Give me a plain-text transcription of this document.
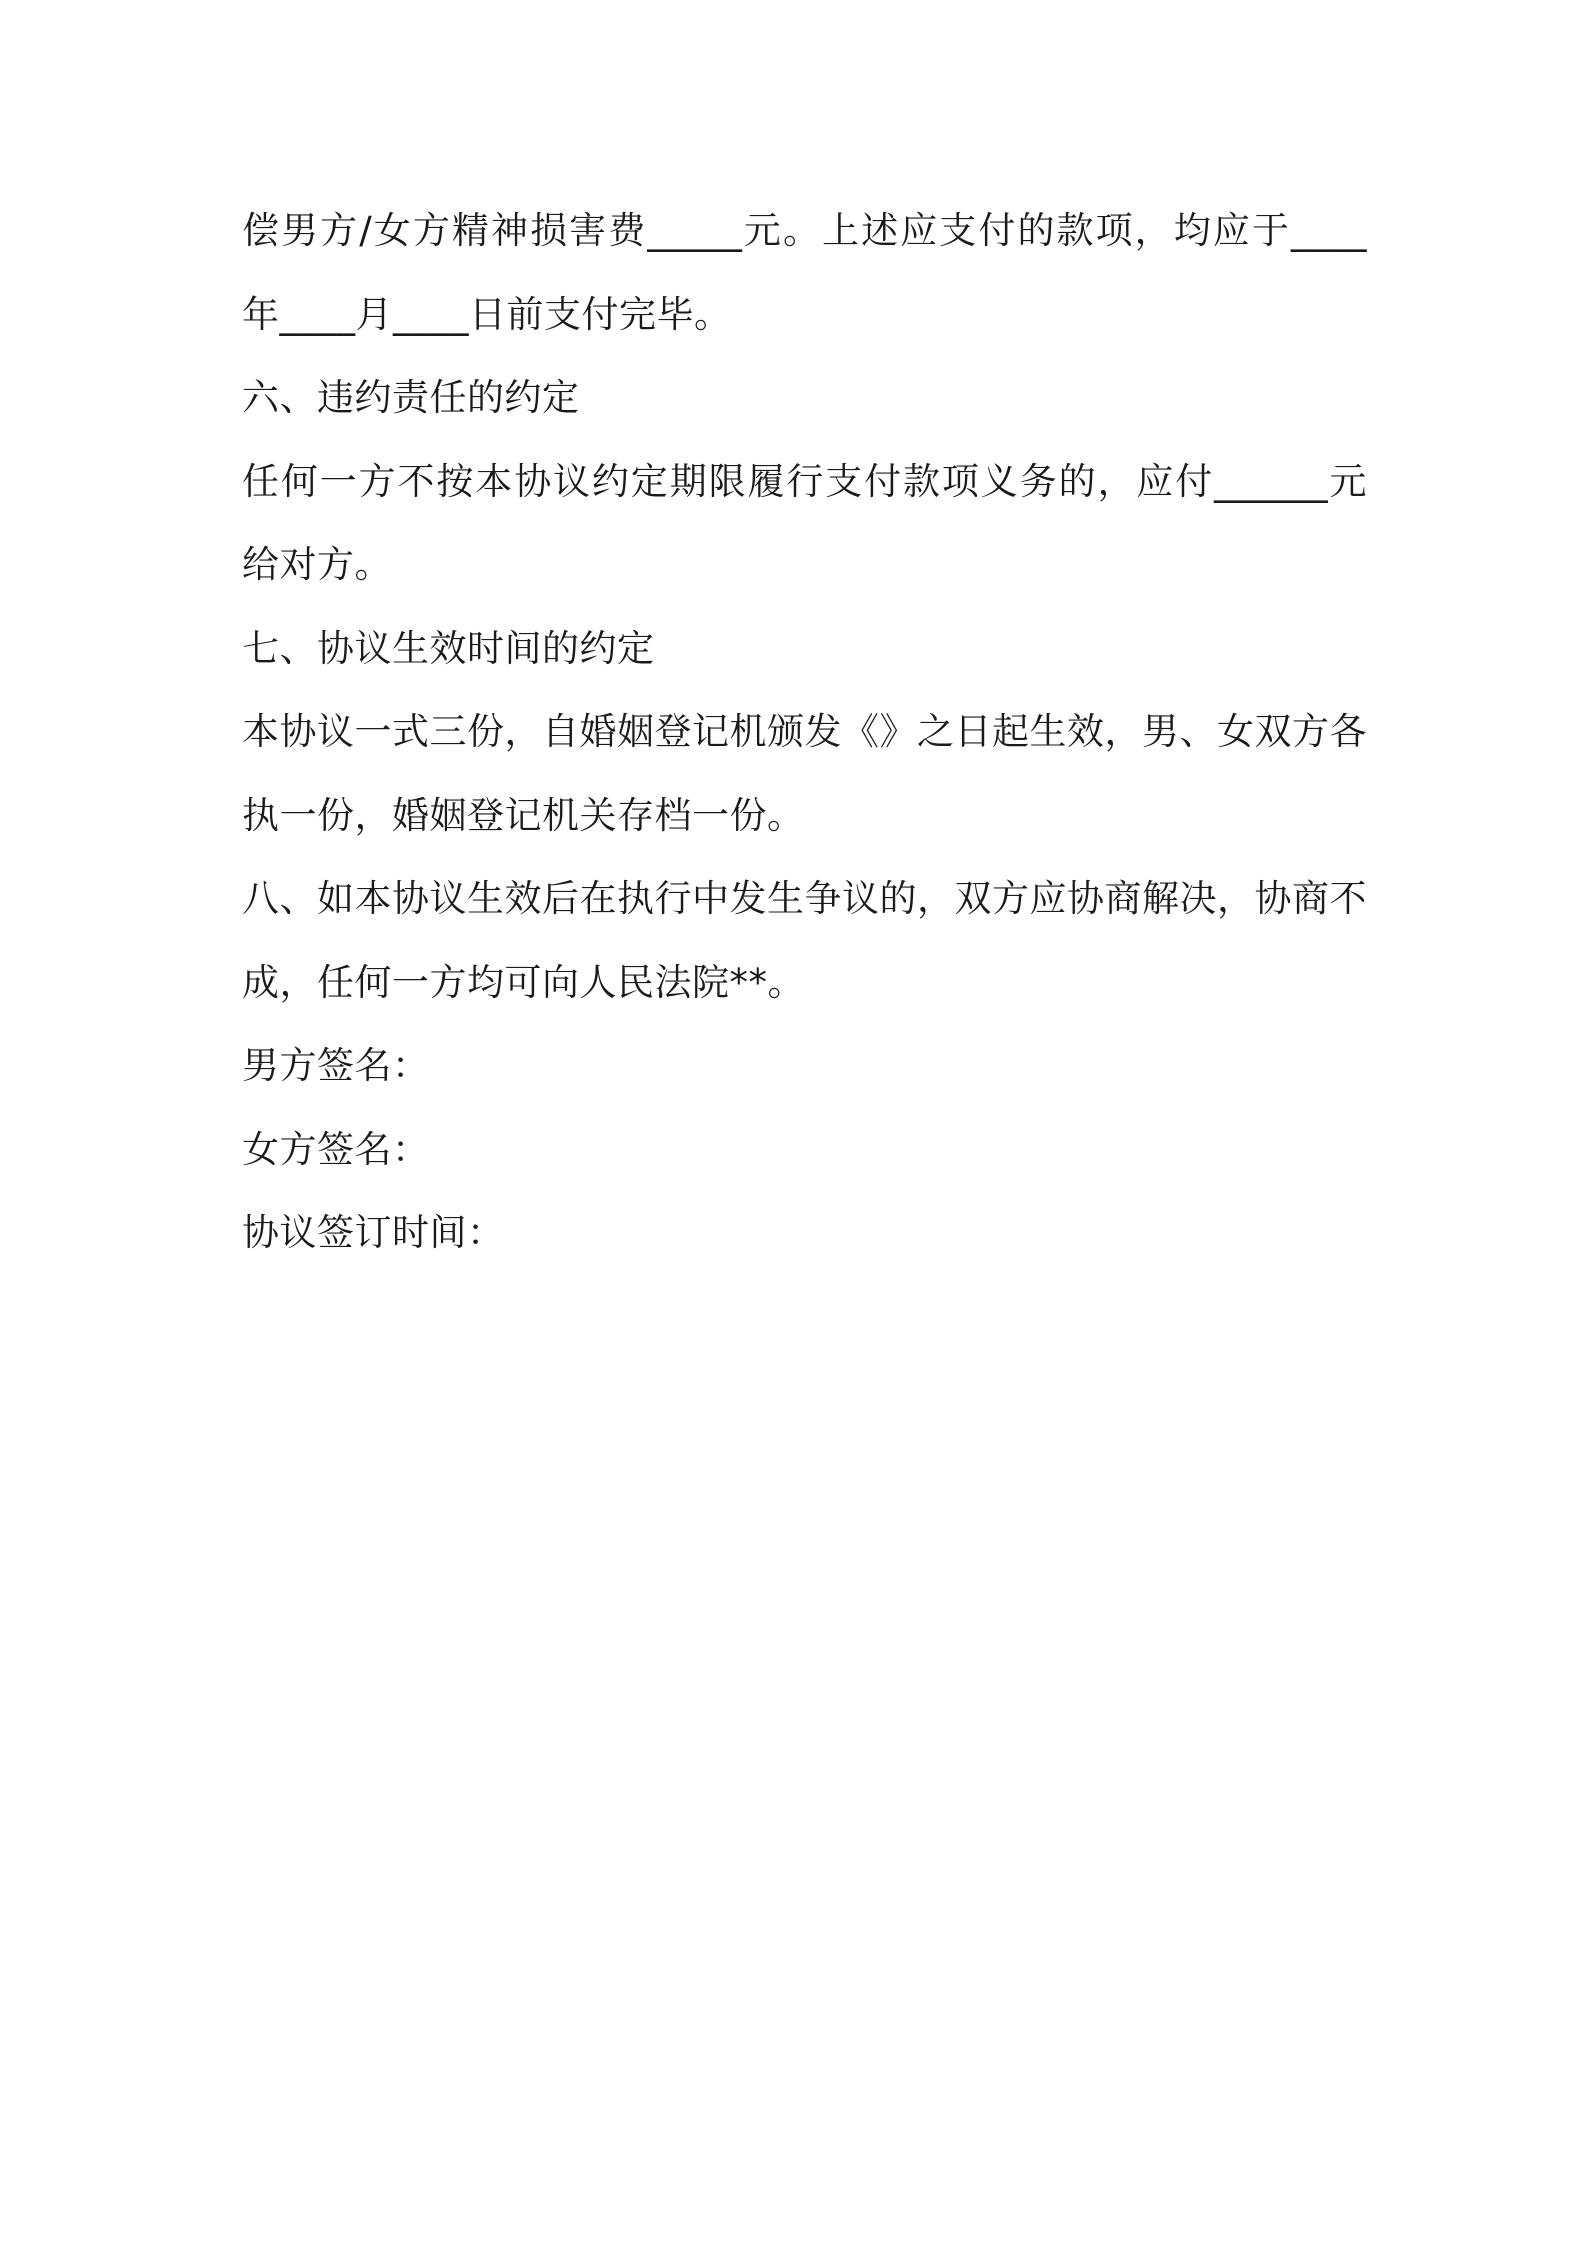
偿男方/女方精神损害费_____元。上述应支付的款项，均应于____
年____月____日前支付完毕。
六、违约责任的约定
任何一方不按本协议约定期限履行支付款项义务的，应付______元
给对方。
七、协议生效时间的约定
本协议一式三份，自婚姻登记机颁发《》之日起生效，男、女双方各
执一份，婚姻登记机关存档一份。
八、如本协议生效后在执行中发生争议的，双方应协商解决，协商不
成，任何一方均可向人民法院**。
男方签名：
女方签名：
协议签订时间：
